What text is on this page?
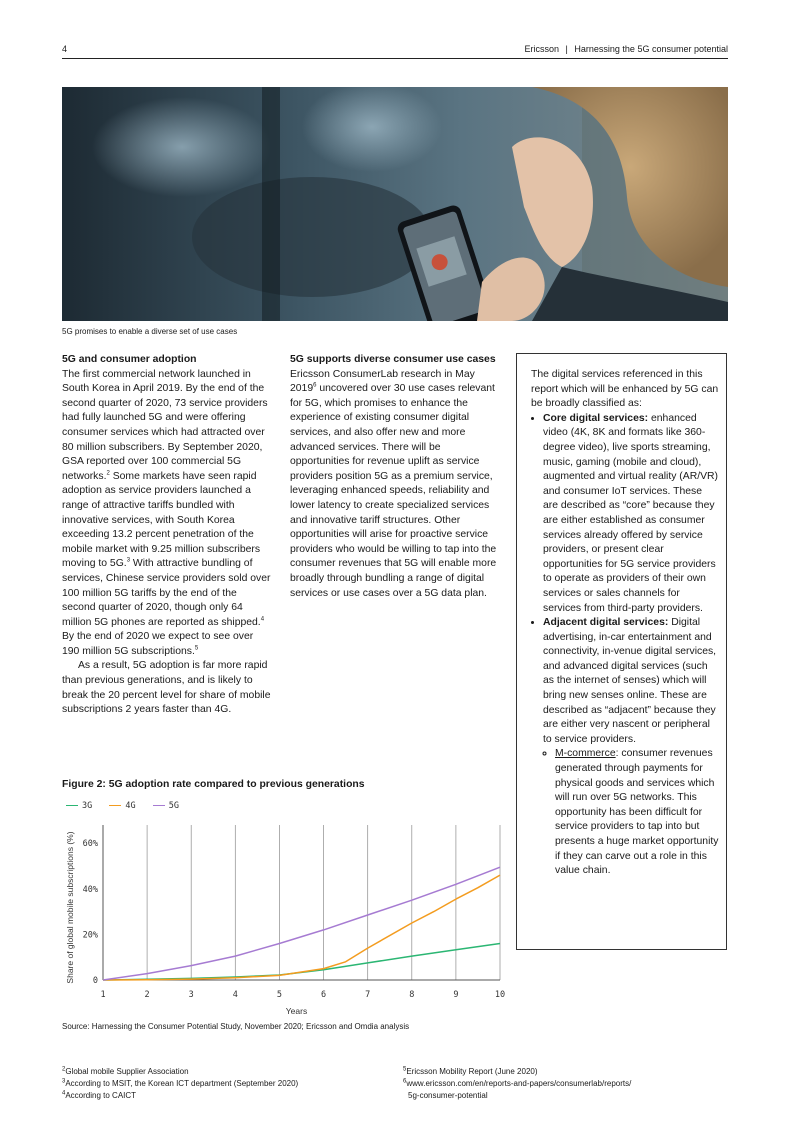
4	Ericsson | Harnessing the 5G consumer potential
5G promises to enable a diverse set of use cases
5G and consumer adoption

The first commercial network launched in South Korea in April 2019. By the end of the second quarter of 2020, 73 service providers had fully launched 5G and were offering consumer services which had attracted over 80 million subscribers. By September 2020, GSA reported over 100 commercial 5G networks.$^2$ Some markets have seen rapid adoption as service providers launched a range of attractive tariffs bundled with innovative services, with South Korea exceeding 13.2 percent penetration of the mobile market with 9.25 million subscribers moving to 5G.$^3$ With attractive bundling of services, Chinese service providers sold over 100 million 5G tariffs by the end of the second quarter of 2020, though only 64 million 5G phones are reported as shipped.$^4$ By the end of 2020 we expect to see over 190 million 5G subscriptions.$^5$

As a result, 5G adoption is far more rapid than previous generations, and is likely to break the 20 percent level for share of mobile subscriptions 2 years faster than 4G.

5G supports diverse consumer use cases

Ericsson ConsumerLab research in May 2019$^6$ uncovered over 30 use cases relevant for 5G, which promises to enhance the experience of existing consumer digital services, and also offer new and more advanced services. There will be opportunities for revenue uplift as service providers position 5G as a premium service, leveraging enhanced speeds, reliability and lower latency to create specialized services and innovative tariff structures. Other opportunities will arise for proactive service providers who would be willing to tap into the consumer revenues that 5G will enable more broadly through bundling a range of digital services or use cases over a 5G data plan.

The digital services referenced in this report which will be enhanced by 5G can be broadly classified as:

• Core digital services: enhanced video (4K, 8K and formats like 360-degree video), live sports streaming, music, gaming (mobile and cloud), augmented and virtual reality (AR/VR) and consumer IoT services. These are described as “core” because they are either established as consumer services already offered by service providers, or present clear opportunities for 5G service providers to operate as providers of their own services or sales channels for services from third-party providers.
• Adjacent digital services: Digital advertising, in-car entertainment and connectivity, in-venue digital services, and advanced digital services (such as the internet of senses) which will bring new senses online. These are described as “adjacent” because they are either very nascent or peripheral to service providers.
◦ M-commerce: consumer revenues generated through payments for physical goods and services which will run over 5G networks. This opportunity has been difficult for service providers to tap into but presents a huge market opportunity if they can carve out a role in this value chain.
Figure 2: 5G adoption rate compared to previous generations
3G	4G	5G
0
20%
40%
60%
1	2	3	4	5	6	7	8	9	10
Years
Share of global mobile subscriptions (%)
Source: Harnessing the Consumer Potential Study, November 2020; Ericsson and Omdia analysis

$^2$Global mobile Supplier Association

$^3$According to MSIT, the Korean ICT department (September 2020)

$^4$According to CAICT

$^5$Ericsson Mobility Report (June 2020)

$^6$www.ericsson.com/en/reports-and-papers/consumerlab/reports/

5g-consumer-potential
